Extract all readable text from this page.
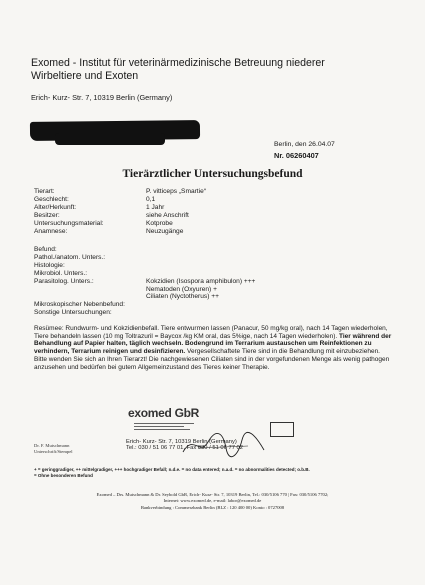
Exomed - Institut für veterinärmedizinische Betreuung niederer
Wirbeltiere und Exoten
Erich- Kurz- Str. 7, 10319 Berlin (Germany)
Berlin, den 26.04.07
Nr. 06260407
Tierärztlicher Untersuchungsbefund
Tierart:	P. vitticeps „Smartie“
Geschlecht:	0,1
Alter/Herkunft:	1 Jahr
Besitzer:	siehe Anschrift
Untersuchungsmaterial:	Kotprobe
Anamnese:	Neuzugänge
Befund:
Pathol./anatom. Unters.:
Histologie:
Mikrobiol. Unters.:
Parasitolog. Unters.:	Kokzidien (Isospora amphibulon) +++
Nematoden (Oxyuren) +
Ciliaten (Nyctotherus) ++
Mikroskopischer Nebenbefund:
Sonstige Untersuchungen:
Resümee: Rundwurm- und Kokzidienbefall. Tiere entwurmen lassen (Panacur, 50 mg/kg oral), nach 14 Tagen wiederholen, Tiere behandeln lassen (10 mg Toltrazuril = Baycox /kg KM oral, das 5%ige, nach 14 Tagen wiederholen). Tier während der Behandlung auf Papier halten, täglich wechseln. Bodengrund im Terrarium austauschen um Reinfektionen zu verhindern, Terrarium reinigen und desinfizieren. Vergesellschaftete Tiere sind in die Behandlung mit einzubeziehen. Bitte wenden Sie sich an Ihren Tierarzt! Die nachgewiesenen Ciliaten sind in der vorgefundenen Menge als wenig pathogen anzusehen und bedürfen bei gutem Allgemeinzustand des Tieres keiner Therapie.
exomed GbR
Erich- Kurz- Str. 7, 10319 Berlin (Germany)
Tel.: 030 / 51 06 77 01, Fax 030 / 51 06 77 02
Dr. F. Mutschmann
Unterschrift/Stempel
+ = geringgradiger, ++ mittelgradiger, +++ hochgradiger Befall; n.d.e. = no data entered; n.a.d. = no abnormalities detected; o.b.B.
= Ohne besonderen Befund
Exomed – Drs. Mutschmann & Dr. Seybold GbR, Erich- Kurz- Str. 7, 10319 Berlin, Tel.: 030/5106 770 | Fax: 030/5106 7702;
Internet: www.exomed.de, e-mail: labor@exomed.de
Bankverbindung : Commerzbank Berlin (BLZ : 120 400 00) Konto : 0727008
